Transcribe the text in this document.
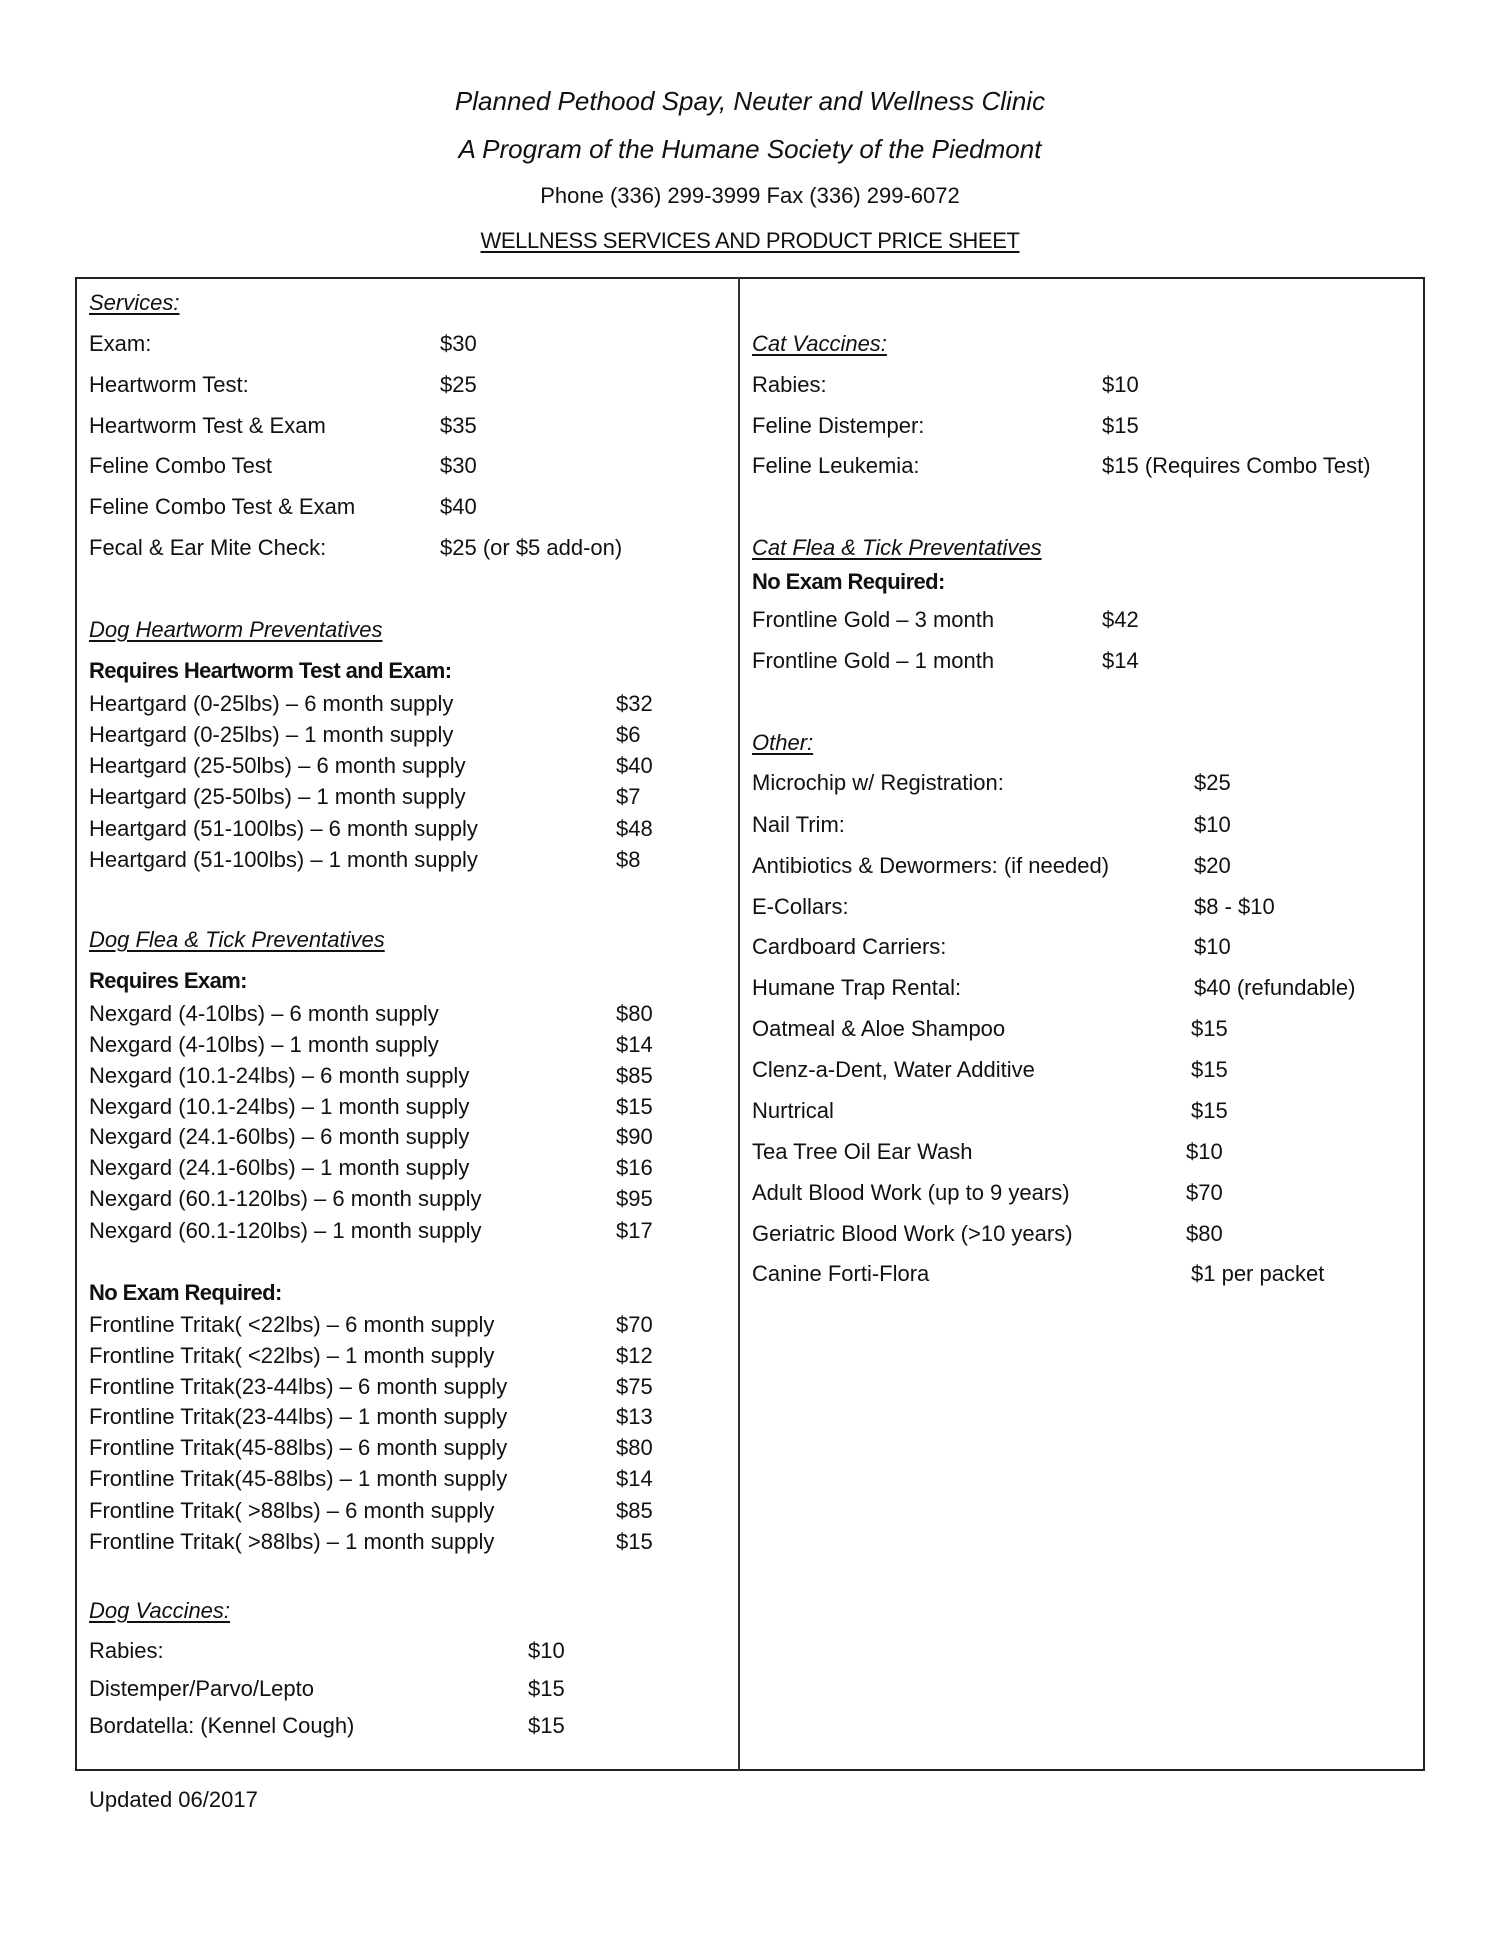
Planned Pethood Spay, Neuter and Wellness Clinic
A Program of the Humane Society of the Piedmont
Phone (336) 299-3999 Fax (336) 299-6072
WELLNESS SERVICES AND PRODUCT PRICE SHEET
Services:
Exam:	$30
Heartworm Test:	$25
Heartworm Test & Exam	$35
Feline Combo Test	$30
Feline Combo Test & Exam	$40
Fecal & Ear Mite Check:	$25 (or $5 add-on)
Dog Heartworm Preventatives
Requires Heartworm Test and Exam:
Heartgard (0-25lbs) – 6 month supply	$32
Heartgard (0-25lbs) – 1 month supply	$6
Heartgard (25-50lbs) – 6 month supply	$40
Heartgard (25-50lbs) – 1 month supply	$7
Heartgard (51-100lbs) – 6 month supply	$48
Heartgard (51-100lbs) – 1 month supply	$8
Dog Flea & Tick Preventatives
Requires Exam:
Nexgard (4-10lbs) – 6 month supply	$80
Nexgard (4-10lbs) – 1 month supply	$14
Nexgard (10.1-24lbs) – 6 month supply	$85
Nexgard (10.1-24lbs) – 1 month supply	$15
Nexgard (24.1-60lbs) – 6 month supply	$90
Nexgard (24.1-60lbs) – 1 month supply	$16
Nexgard (60.1-120lbs) – 6 month supply	$95
Nexgard (60.1-120lbs) – 1 month supply	$17
No Exam Required:
Frontline Tritak( <22lbs) – 6 month supply	$70
Frontline Tritak( <22lbs) – 1 month supply	$12
Frontline Tritak(23-44lbs) – 6 month supply	$75
Frontline Tritak(23-44lbs) – 1 month supply	$13
Frontline Tritak(45-88lbs) – 6 month supply	$80
Frontline Tritak(45-88lbs) – 1 month supply	$14
Frontline Tritak( >88lbs) – 6 month supply	$85
Frontline Tritak( >88lbs) – 1 month supply	$15
Dog Vaccines:
Rabies:	$10
Distemper/Parvo/Lepto	$15
Bordatella: (Kennel Cough)	$15
Cat Vaccines:
Rabies:	$10
Feline Distemper:	$15
Feline Leukemia:	$15 (Requires Combo Test)
Cat Flea & Tick Preventatives
No Exam Required:
Frontline Gold – 3 month	$42
Frontline Gold – 1 month	$14
Other:
Microchip w/ Registration:	$25
Nail Trim:	$10
Antibiotics & Dewormers: (if needed)	$20
E-Collars:	$8 - $10
Cardboard Carriers:	$10
Humane Trap Rental:	$40 (refundable)
Oatmeal & Aloe Shampoo	$15
Clenz-a-Dent, Water Additive	$15
Nurtrical	$15
Tea Tree Oil Ear Wash	$10
Adult Blood Work (up to 9 years)	$70
Geriatric Blood Work (>10 years)	$80
Canine Forti-Flora	$1 per packet
Updated 06/2017
